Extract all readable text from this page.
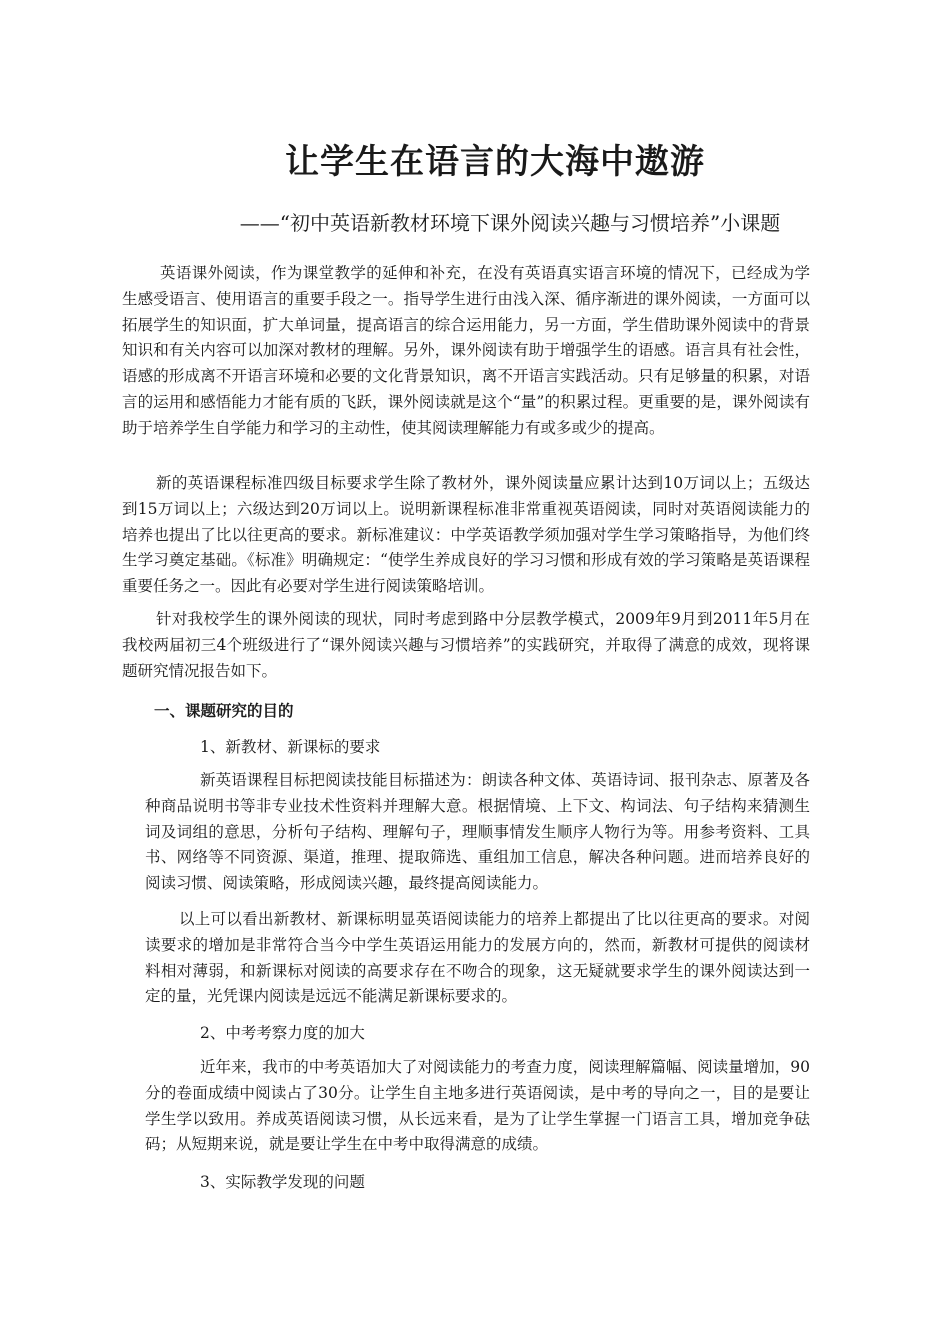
让学生在语言的大海中遨游
——“初中英语新教材环境下课外阅读兴趣与习惯培养”小课题

英语课外阅读，作为课堂教学的延伸和补充，在没有英语真实语言环境的情况下，已经成为学生感受语言、使用语言的重要手段之一。指导学生进行由浅入深、循序渐进的课外阅读，一方面可以拓展学生的知识面，扩大单词量，提高语言的综合运用能力，另一方面，学生借助课外阅读中的背景知识和有关内容可以加深对教材的理解。另外，课外阅读有助于增强学生的语感。语言具有社会性，语感的形成离不开语言环境和必要的文化背景知识，离不开语言实践活动。只有足够量的积累，对语言的运用和感悟能力才能有质的飞跃，课外阅读就是这个“量”的积累过程。更重要的是，课外阅读有助于培养学生自学能力和学习的主动性，使其阅读理解能力有或多或少的提高。

新的英语课程标准四级目标要求学生除了教材外，课外阅读量应累计达到10万词以上；五级达到15万词以上；六级达到20万词以上。说明新课程标准非常重视英语阅读，同时对英语阅读能力的培养也提出了比以往更高的要求。新标准建议：中学英语教学须加强对学生学习策略指导，为他们终生学习奠定基础。《标准》明确规定：“使学生养成良好的学习习惯和形成有效的学习策略是英语课程重要任务之一。因此有必要对学生进行阅读策略培训。

针对我校学生的课外阅读的现状，同时考虑到路中分层教学模式，2009年9月到2011年5月在我校两届初三4个班级进行了“课外阅读兴趣与习惯培养”的实践研究，并取得了满意的成效，现将课题研究情况报告如下。

一、课题研究的目的
1、新教材、新课标的要求

新英语课程目标把阅读技能目标描述为：朗读各种文体、英语诗词、报刊杂志、原著及各种商品说明书等非专业技术性资料并理解大意。根据情境、上下文、构词法、句子结构来猜测生词及词组的意思，分析句子结构、理解句子，理顺事情发生顺序人物行为等。用参考资料、工具书、网络等不同资源、渠道，推理、提取筛选、重组加工信息，解决各种问题。进而培养良好的阅读习惯、阅读策略，形成阅读兴趣，最终提高阅读能力。

以上可以看出新教材、新课标明显英语阅读能力的培养上都提出了比以往更高的要求。对阅读要求的增加是非常符合当今中学生英语运用能力的发展方向的，然而，新教材可提供的阅读材料相对薄弱，和新课标对阅读的高要求存在不吻合的现象，这无疑就要求学生的课外阅读达到一定的量，光凭课内阅读是远远不能满足新课标要求的。

2、中考考察力度的加大

近年来，我市的中考英语加大了对阅读能力的考查力度，阅读理解篇幅、阅读量增加，90分的卷面成绩中阅读占了30分。让学生自主地多进行英语阅读，是中考的导向之一，目的是要让学生学以致用。养成英语阅读习惯，从长远来看，是为了让学生掌握一门语言工具，增加竞争砝码；从短期来说，就是要让学生在中考中取得满意的成绩。

3、实际教学发现的问题
